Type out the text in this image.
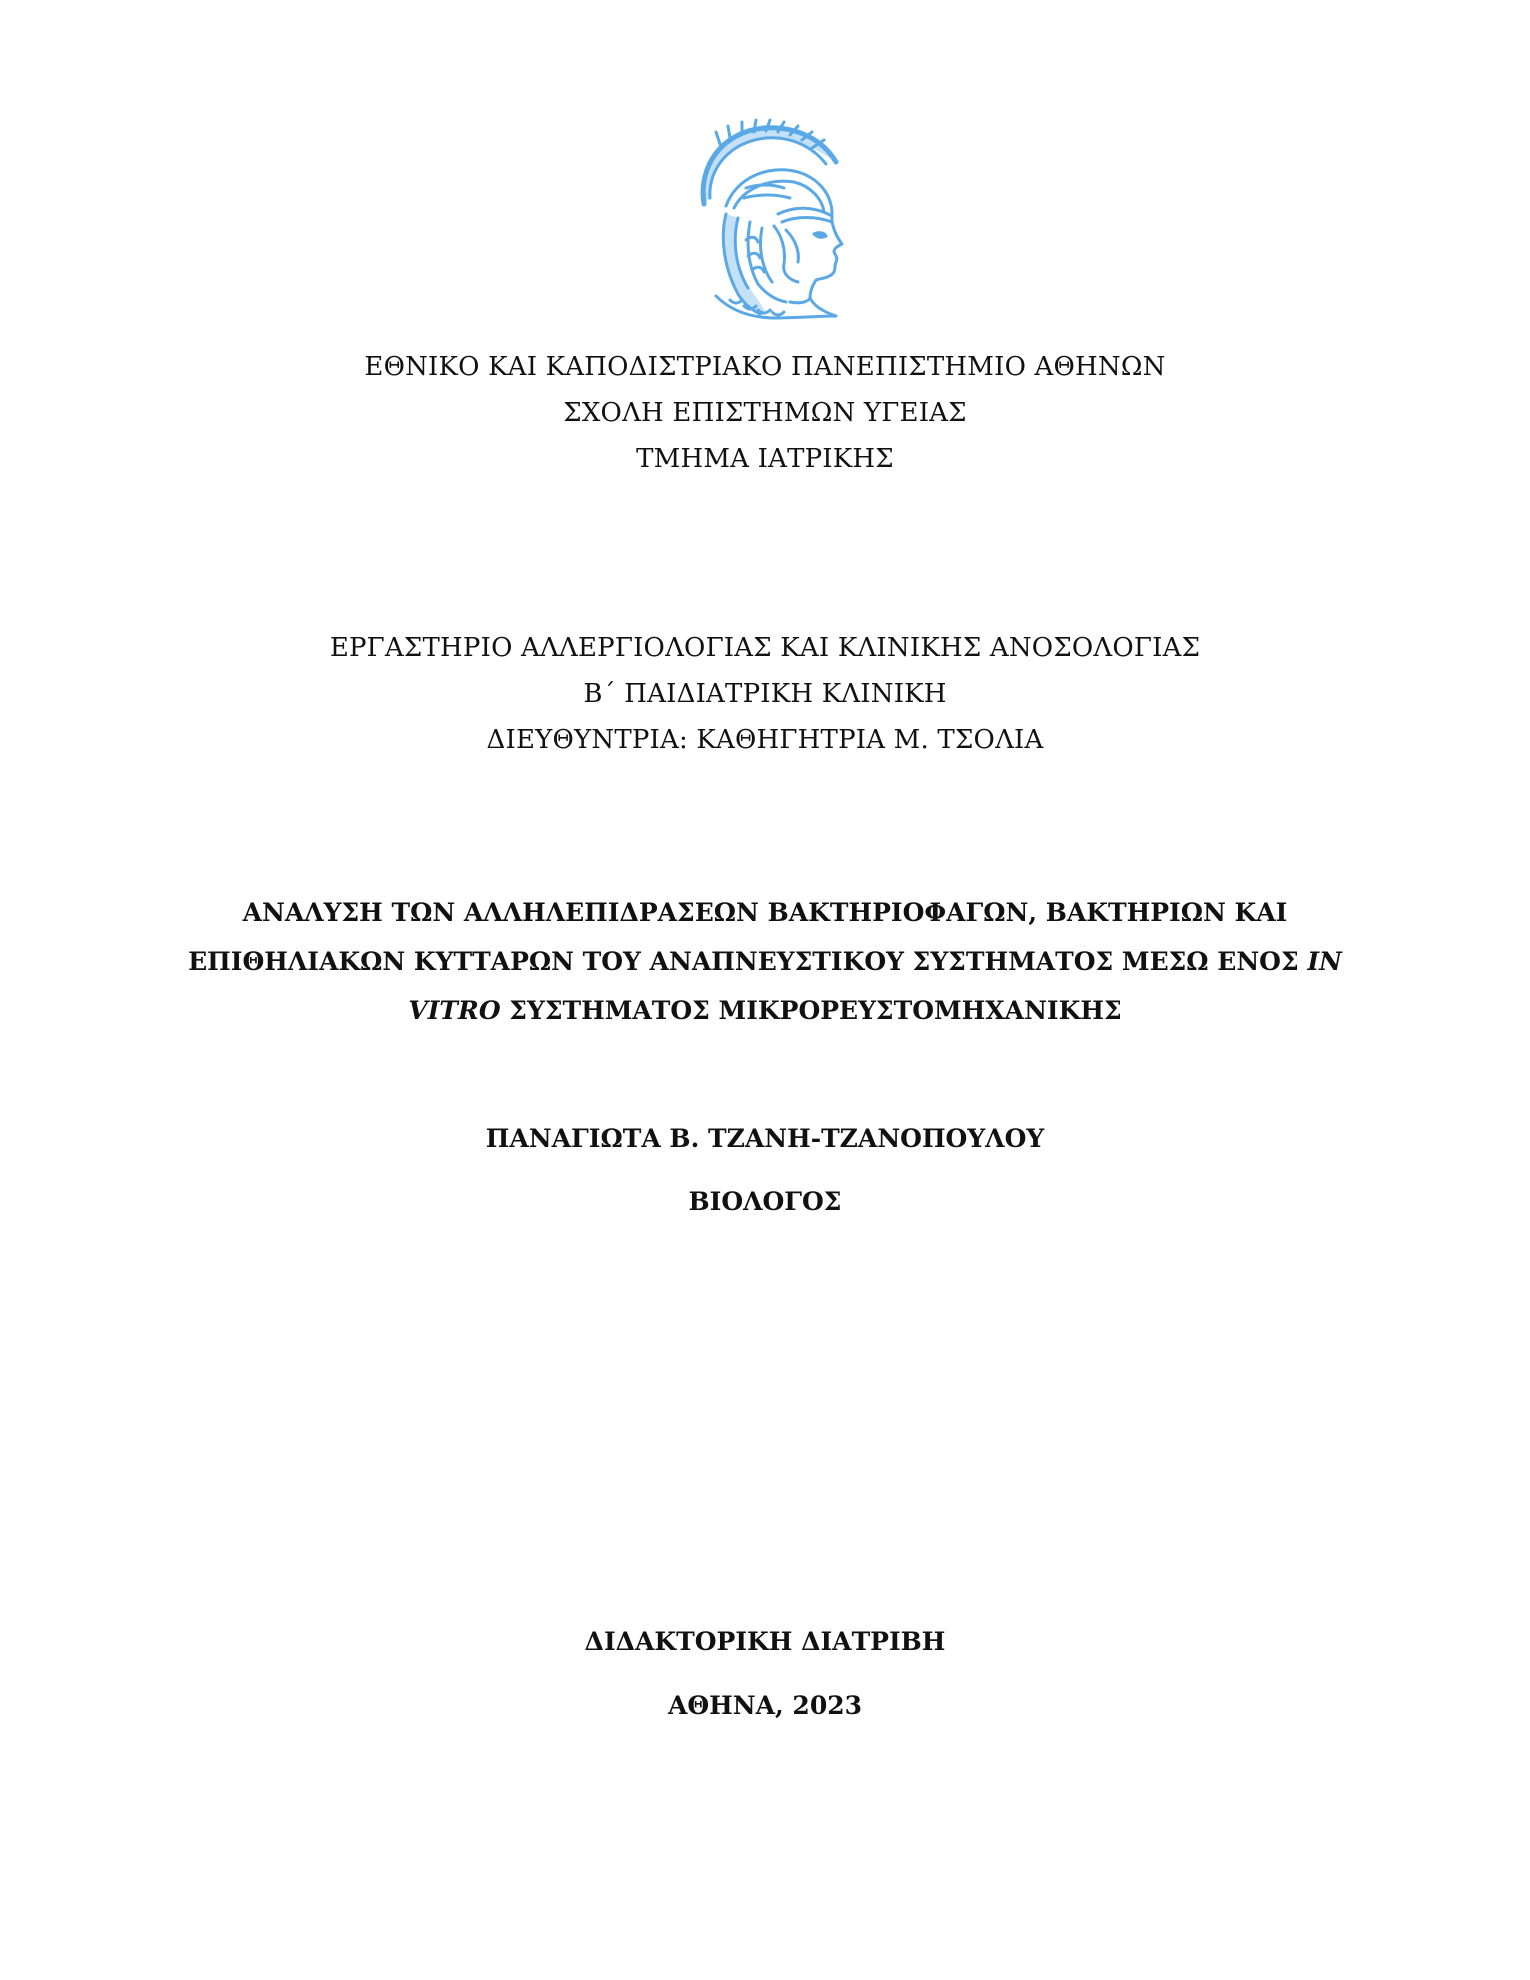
ΕΘΝΙΚΟ ΚΑΙ ΚΑΠΟΔΙΣΤΡΙΑΚΟ ΠΑΝΕΠΙΣΤΗΜΙΟ ΑΘΗΝΩΝ
ΣΧΟΛΗ ΕΠΙΣΤΗΜΩΝ ΥΓΕΙΑΣ
ΤΜΗΜΑ ΙΑΤΡΙΚΗΣ
ΕΡΓΑΣΤΗΡΙΟ ΑΛΛΕΡΓΙΟΛΟΓΙΑΣ ΚΑΙ ΚΛΙΝΙΚΗΣ ΑΝΟΣΟΛΟΓΙΑΣ
Β΄ ΠΑΙΔΙΑΤΡΙΚΗ ΚΛΙΝΙΚΗ
ΔΙΕΥΘΥΝΤΡΙΑ: ΚΑΘΗΓΗΤΡΙΑ Μ. ΤΣΟΛΙΑ
ΑΝΑΛΥΣΗ ΤΩΝ ΑΛΛΗΛΕΠΙΔΡΑΣΕΩΝ ΒΑΚΤΗΡΙΟΦΑΓΩΝ, ΒΑΚΤΗΡΙΩΝ ΚΑΙ
ΕΠΙΘΗΛΙΑΚΩΝ ΚΥΤΤΑΡΩΝ ΤΟΥ ΑΝΑΠΝΕΥΣΤΙΚΟΥ ΣΥΣΤΗΜΑΤΟΣ ΜΕΣΩ ΕΝΟΣ IN
VITRO ΣΥΣΤΗΜΑΤΟΣ ΜΙΚΡΟΡΕΥΣΤΟΜΗΧΑΝΙΚΗΣ
ΠΑΝΑΓΙΩΤΑ Β. ΤΖΑΝΗ-ΤΖΑΝΟΠΟΥΛΟΥ
ΒΙΟΛΟΓΟΣ
ΔΙΔΑΚΤΟΡΙΚΗ ΔΙΑΤΡΙΒΗ
ΑΘΗΝΑ, 2023
